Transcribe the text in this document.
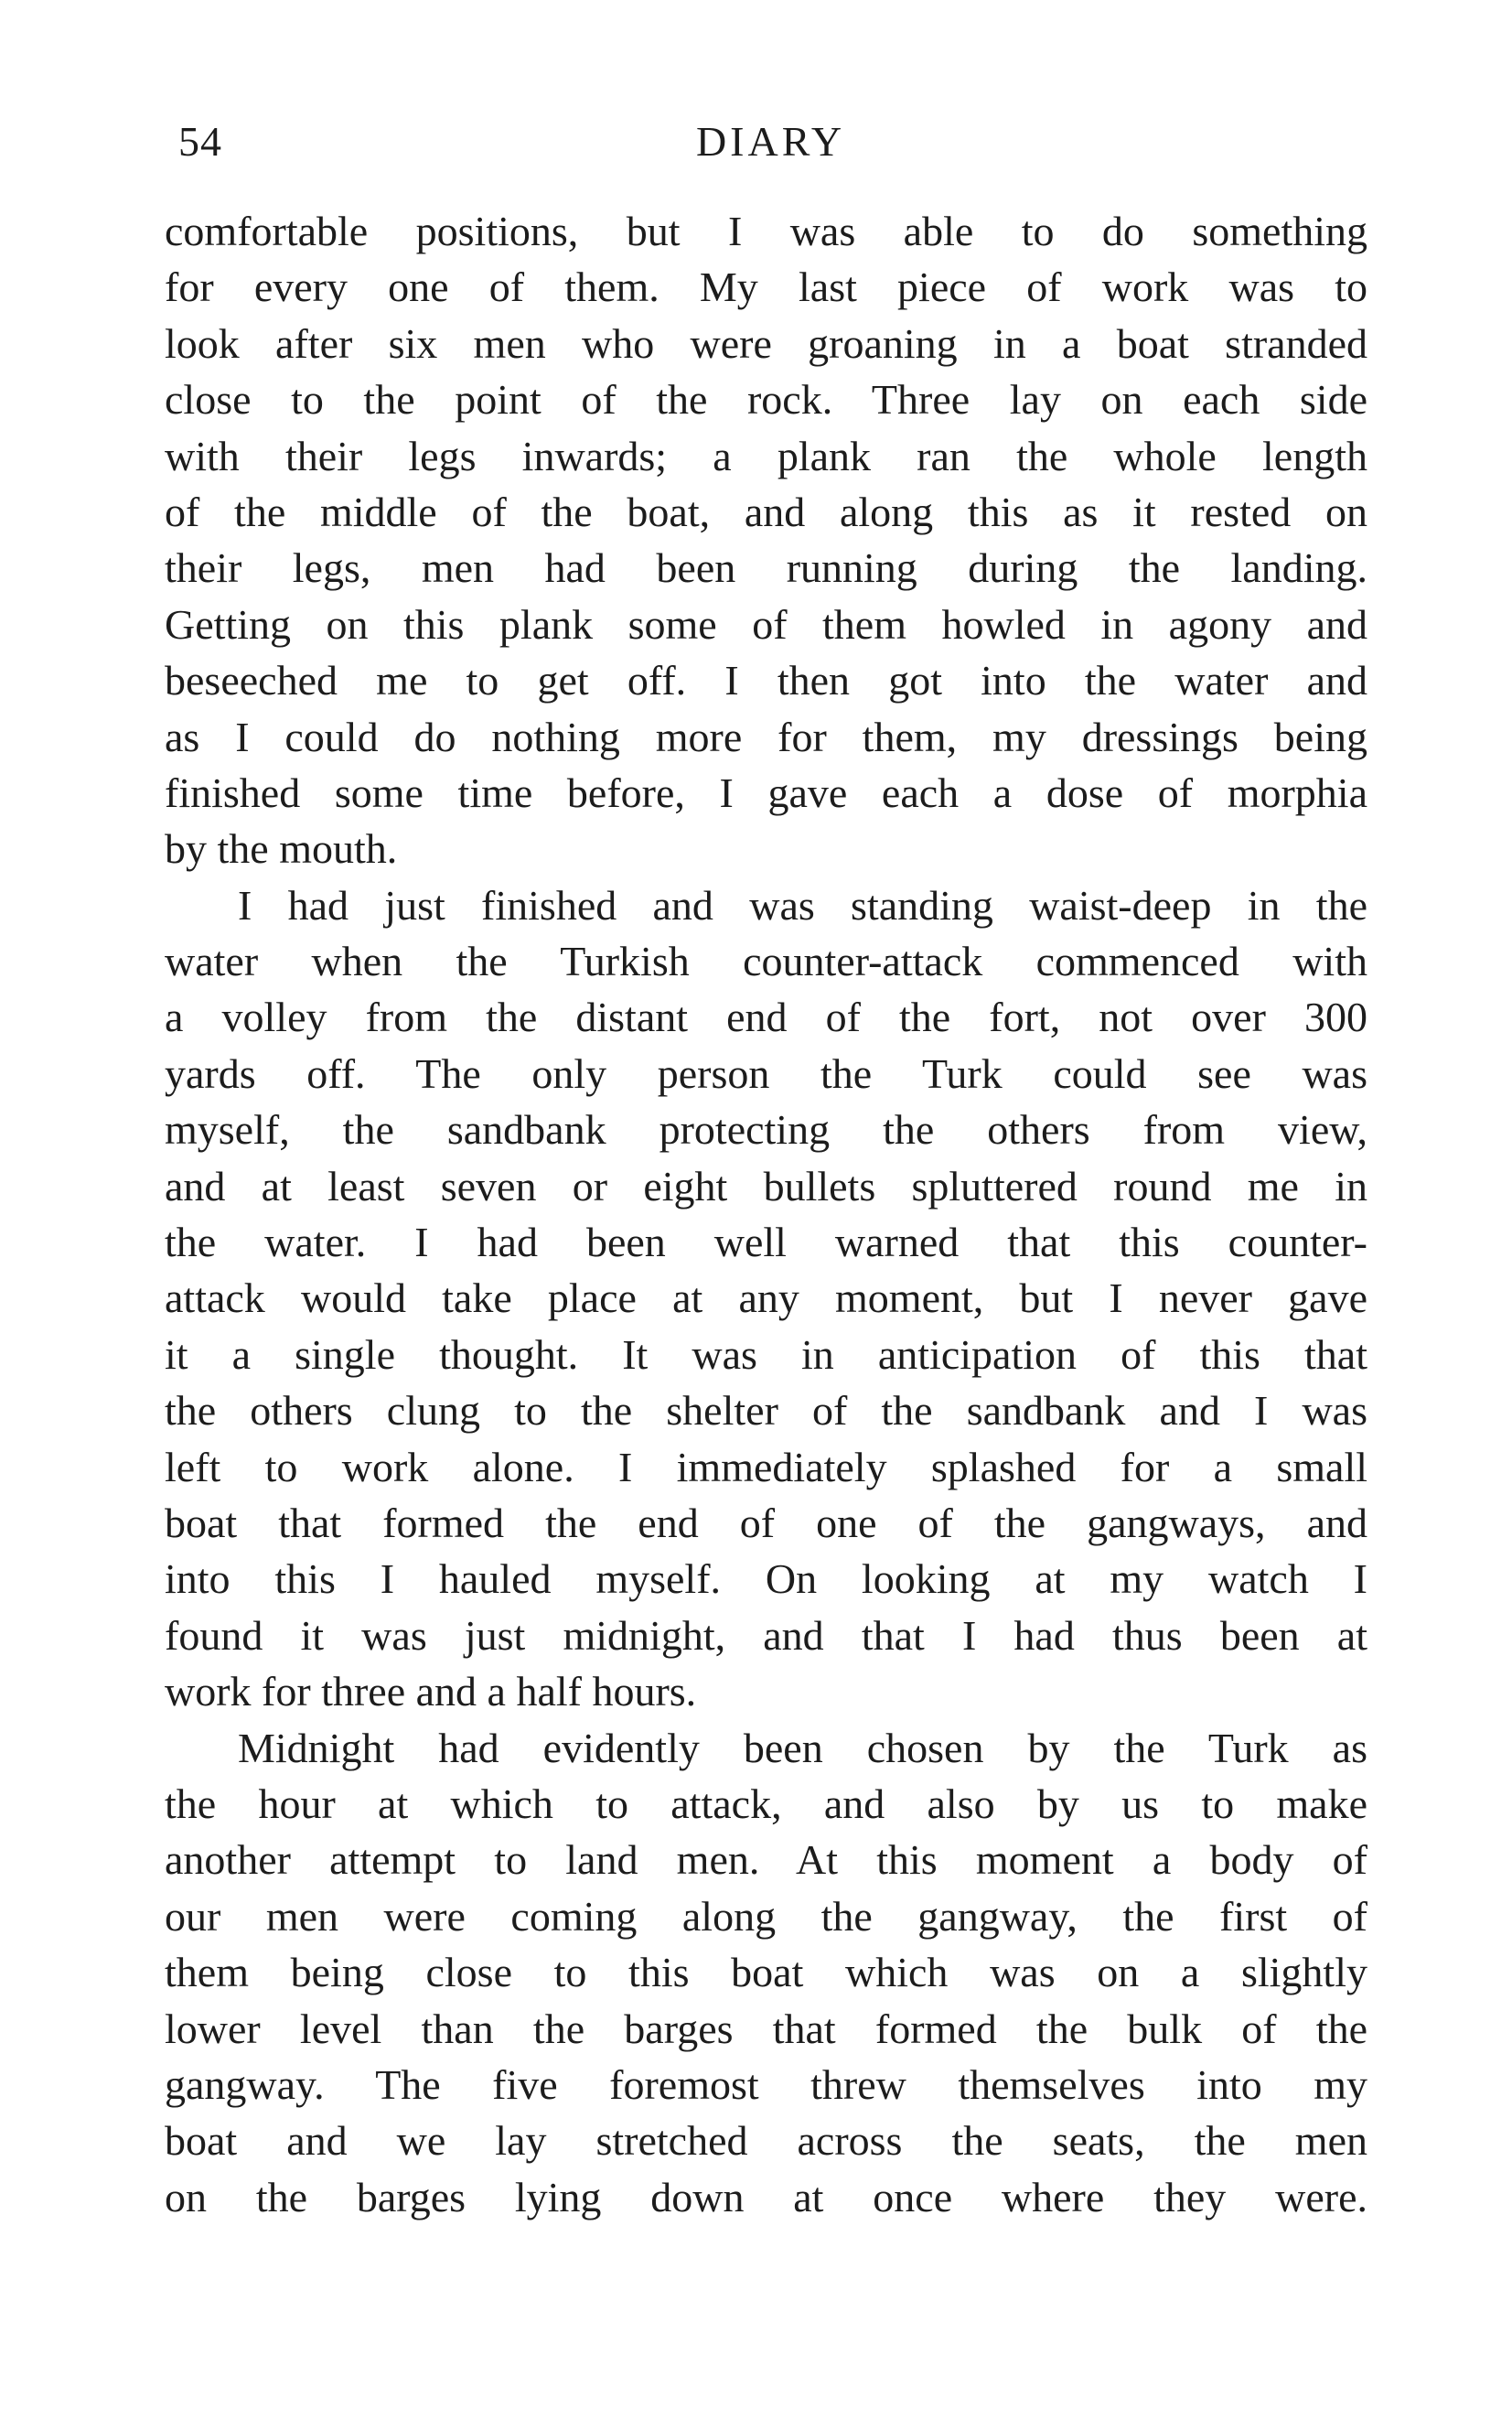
54	DIARY
comfortable positions, but I was able to do something
for every one of them. My last piece of work was to
look after six men who were groaning in a boat stranded
close to the point of the rock. Three lay on each side
with their legs inwards; a plank ran the whole length
of the middle of the boat, and along this as it rested on
their legs, men had been running during the landing.
Getting on this plank some of them howled in agony and
beseeched me to get off. I then got into the water and
as I could do nothing more for them, my dressings being
finished some time before, I gave each a dose of morphia
by the mouth.
I had just finished and was standing waist-deep in the
water when the Turkish counter-attack commenced with
a volley from the distant end of the fort, not over 300
yards off. The only person the Turk could see was
myself, the sandbank protecting the others from view,
and at least seven or eight bullets spluttered round me in
the water. I had been well warned that this counter-
attack would take place at any moment, but I never gave
it a single thought. It was in anticipation of this that
the others clung to the shelter of the sandbank and I was
left to work alone. I immediately splashed for a small
boat that formed the end of one of the gangways, and
into this I hauled myself. On looking at my watch I
found it was just midnight, and that I had thus been at
work for three and a half hours.
Midnight had evidently been chosen by the Turk as
the hour at which to attack, and also by us to make
another attempt to land men. At this moment a body of
our men were coming along the gangway, the first of
them being close to this boat which was on a slightly
lower level than the barges that formed the bulk of the
gangway. The five foremost threw themselves into my
boat and we lay stretched across the seats, the men
on the barges lying down at once where they were.
